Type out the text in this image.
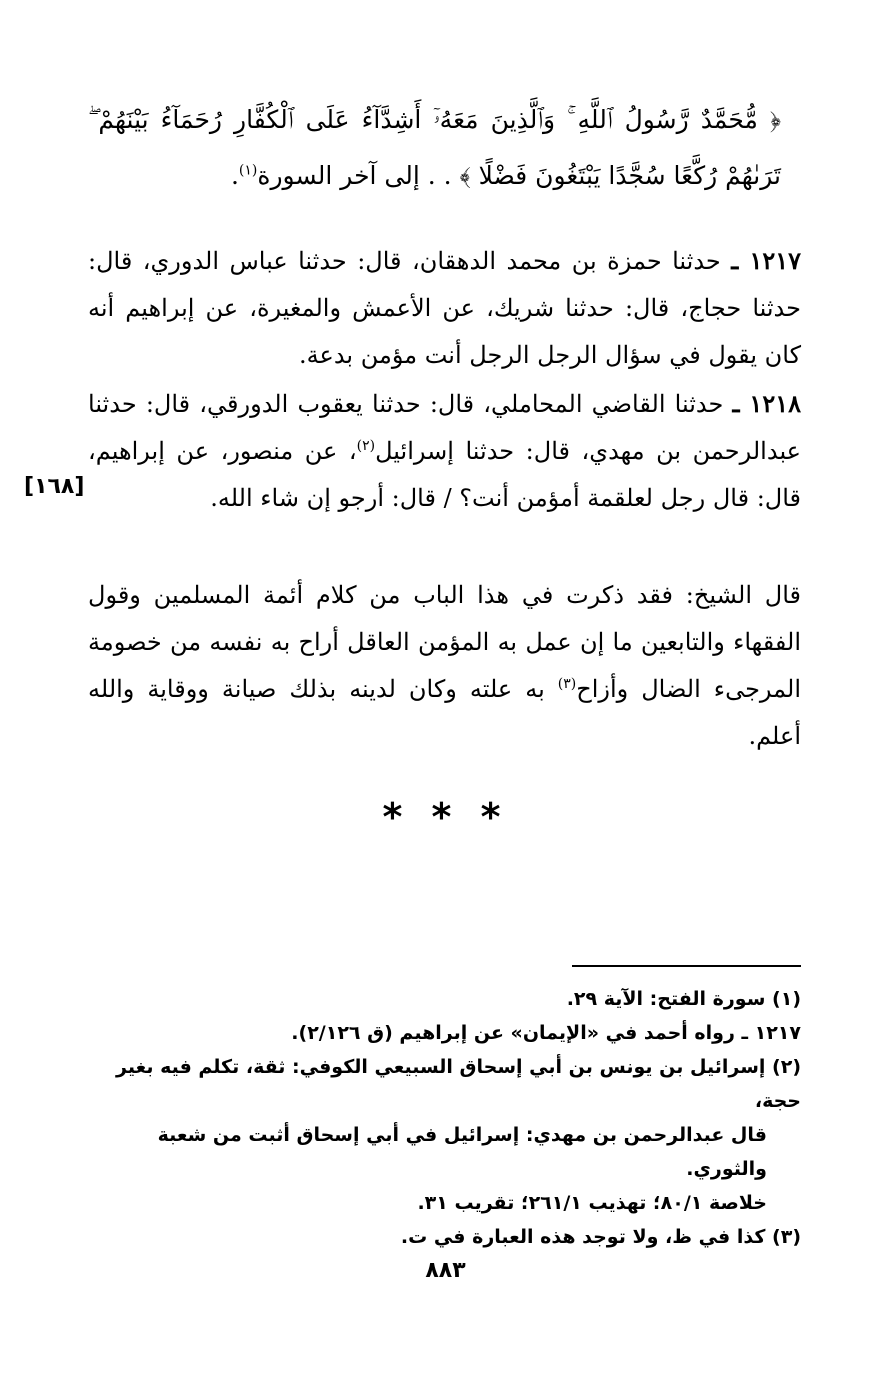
﴿ مُّحَمَّدٌ رَّسُولُ ٱللَّهِ ۚ وَٱلَّذِينَ مَعَهُۥٓ أَشِدَّآءُ عَلَى ٱلْكُفَّارِ رُحَمَآءُ بَيْنَهُمْ ۖ تَرَىٰهُمْ رُكَّعًا سُجَّدًا يَبْتَغُونَ فَضْلًا ﴾ . . إلى آخر السورة$^{(١)}$.
١٢١٧ ـ حدثنا حمزة بن محمد الدهقان، قال: حدثنا عباس الدوري، قال: حدثنا حجاج، قال: حدثنا شريك، عن الأعمش والمغيرة، عن إبراهيم أنه كان يقول في سؤال الرجل الرجل أنت مؤمن بدعة.
١٢١٨ ـ حدثنا القاضي المحاملي، قال: حدثنا يعقوب الدورقي، قال: حدثنا عبدالرحمن بن مهدي، قال: حدثنا إسرائيل$^{(٢)}$، عن منصور، عن إبراهيم، قال: قال رجل لعلقمة أمؤمن أنت؟ / قال: أرجو إن شاء الله.
[١٦٨]
قال الشيخ: فقد ذكرت في هذا الباب من كلام أئمة المسلمين وقول الفقهاء والتابعين ما إن عمل به المؤمن العاقل أراح به نفسه من خصومة المرجىء الضال وأزاح$^{(٣)}$ به علته وكان لدينه بذلك صيانة ووقاية والله أعلم.
* * *

(١) سورة الفتح: الآية ٢٩.

١٢١٧ ـ رواه أحمد في «الإيمان» عن إبراهيم (ق ٢/١٢٦).

(٢) إسرائيل بن يونس بن أبي إسحاق السبيعي الكوفي: ثقة، تكلم فيه بغير حجة،

قال عبدالرحمن بن مهدي: إسرائيل في أبي إسحاق أثبت من شعبة والثوري.

خلاصة ٨٠/١؛ تهذيب ٢٦١/١؛ تقريب ٣١.

(٣) كذا في ظ، ولا توجد هذه العبارة في ت.

٨٨٣
